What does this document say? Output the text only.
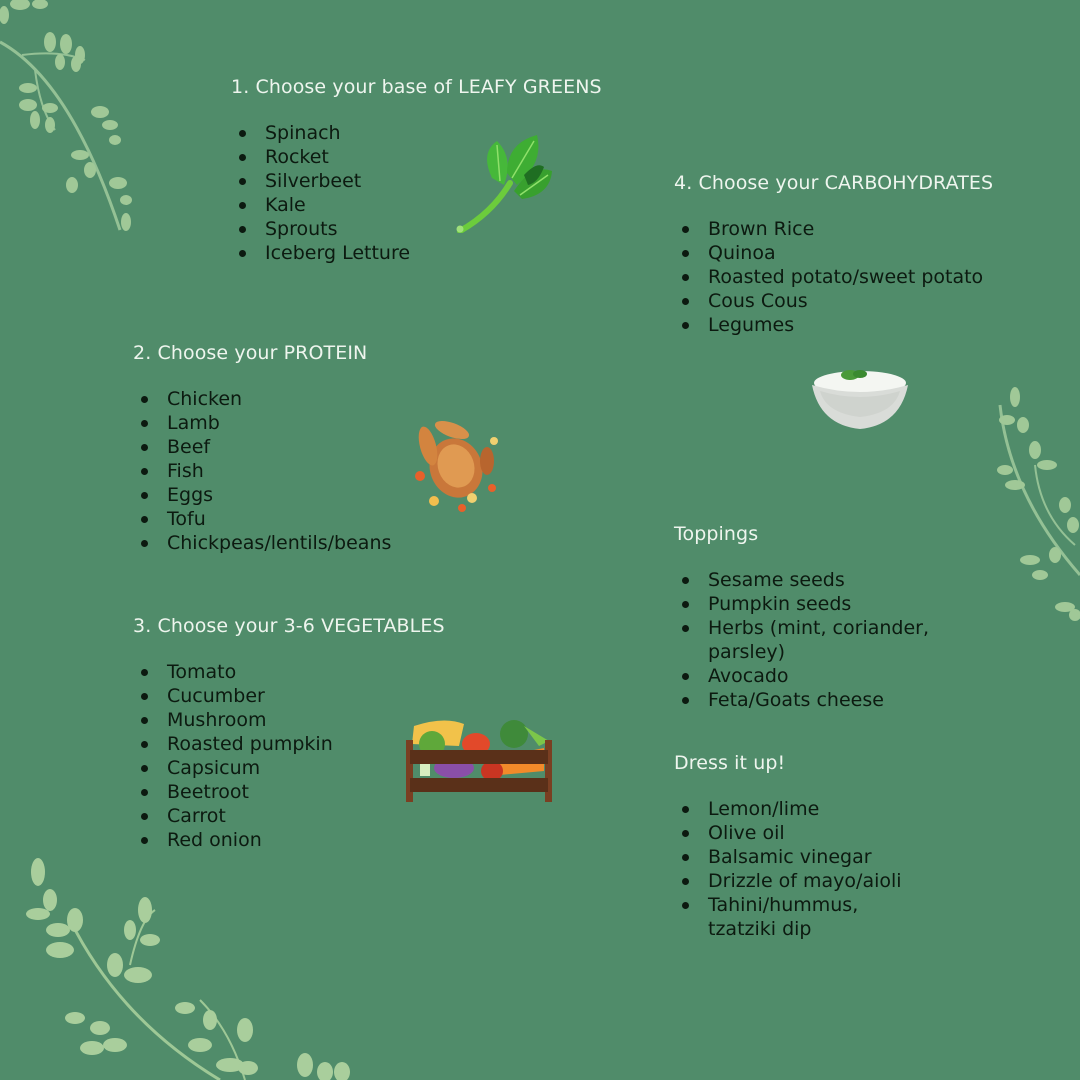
1. Choose your base of LEAFY GREENS
Spinach
Rocket
Silverbeet
Kale
Sprouts
Iceberg Letture
2. Choose your PROTEIN
Chicken
Lamb
Beef
Fish
Eggs
Tofu
Chickpeas/lentils/beans
3. Choose your 3-6 VEGETABLES
Tomato
Cucumber
Mushroom
Roasted pumpkin
Capsicum
Beetroot
Carrot
Red onion
4. Choose your CARBOHYDRATES
Brown Rice
Quinoa
Roasted potato/sweet potato
Cous Cous
Legumes
Toppings
Sesame seeds
Pumpkin seeds
Herbs (mint, coriander, parsley)
Avocado
Feta/Goats cheese
Dress it up!
Lemon/lime
Olive oil
Balsamic vinegar
Drizzle of mayo/aioli
Tahini/hummus, tzatziki dip
